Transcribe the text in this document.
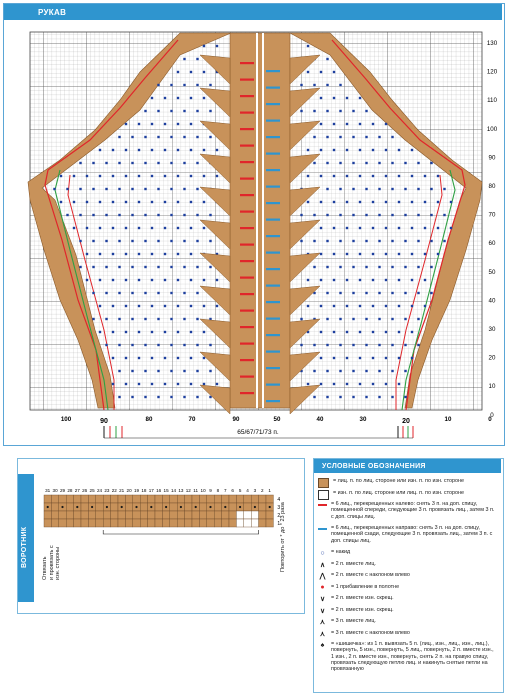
РУКАВ
130
120
110
100
90
80
70
60
50
40
30
20
10
0
100	80	70	90	50	40	30	10	0
90	20
65/67/71/73 п.
ВОРОТНИК
31 30 29 28 27 26 25 24 23 22 21 20 19 18 17 16 15 14 13 12 11 10 9 8 7 6 5 4 3 2 1
4
3
2
1
Отвязать и провязать с изн. стороны	Повторить от * до * 23 раза
УСЛОВНЫЕ ОБОЗНАЧЕНИЯ
= лиц. п. по лиц. стороне или изн. п. по изн. стороне
= изн. п. по лиц. стороне или лиц. п. по изн. стороне
= 6 лиц., перекрещенных налево: снять 3 п. на доп. спицу, помещенной спереди, следующие 3 п. провязать лиц., затем 3 п. с доп. спицы лиц.
= 6 лиц., перекрещенных направо: снять 3 п. на доп. спицу, помещенной сзади, следующие 3 п. провязать лиц., затем 3 п. с доп. спицы лиц.
○	= накид
∧	= 2 п. вместе лиц.
⋀	= 2 п. вместе с наклоном влево
●	= 1 прибавление в полотне
∨	= 2 п. вместе изн. скрещ.
∨	= 2 п. вместе изн. скрещ.
⋏	= 3 п. вместе лиц.
⋏	= 3 п. вместе с наклоном влево
♠	= «шишечка»: из 1 п. вывязать 5 п. (лиц., изн., лиц., изн., лиц.), повернуть, 5 изн., повернуть, 5 лиц., повернуть, 2 п. вместе изн., 1 изн., 2 п. вместе изн., повернуть, снять 2 п. на правую спицу, провязать следующую петлю лиц. и накинуть снятые петли на провязанную
